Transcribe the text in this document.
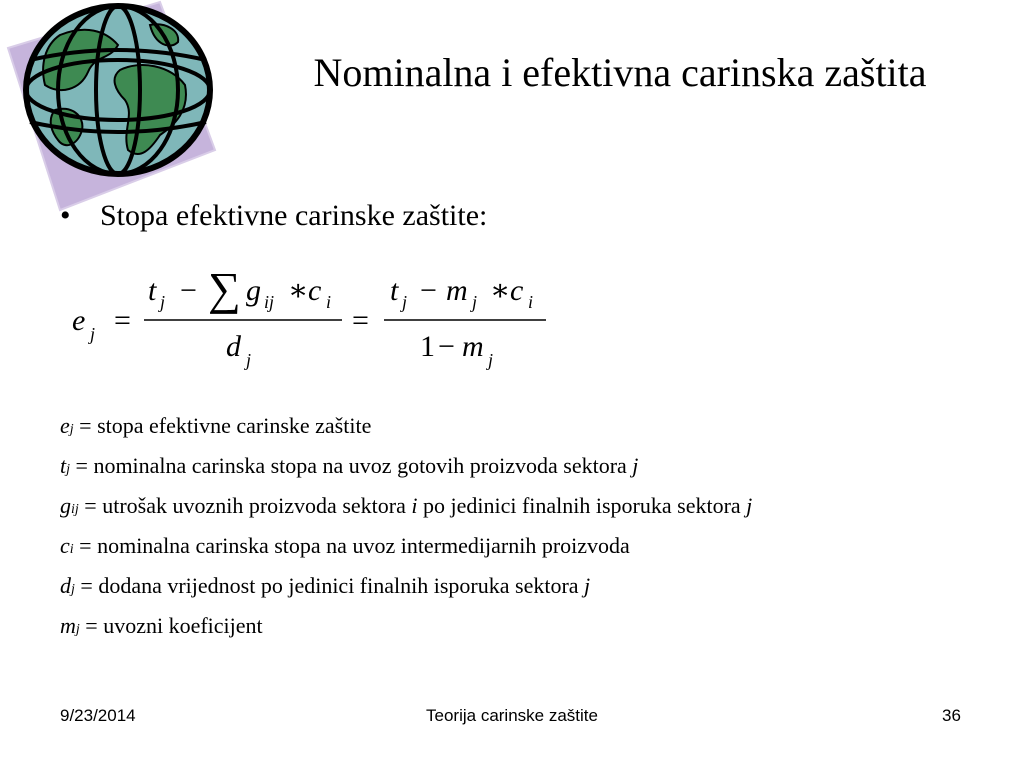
Nominalna i efektivna carinska zaštita
• Stopa efektivne carinske zaštite:
e j =
t j − ∑ g ij ∗ c i
d j
=
t j − m j ∗ c i
1 − m j
ej = stopa efektivne carinske zaštite
tj = nominalna carinska stopa na uvoz gotovih proizvoda sektora j
gij = utrošak uvoznih proizvoda sektora i po jedinici finalnih isporuka sektora j
ci = nominalna carinska stopa na uvoz intermedijarnih proizvoda
dj = dodana vrijednost po jedinici finalnih isporuka sektora j
mj = uvozni koeficijent
9/23/2014	Teorija carinske zaštite	36
